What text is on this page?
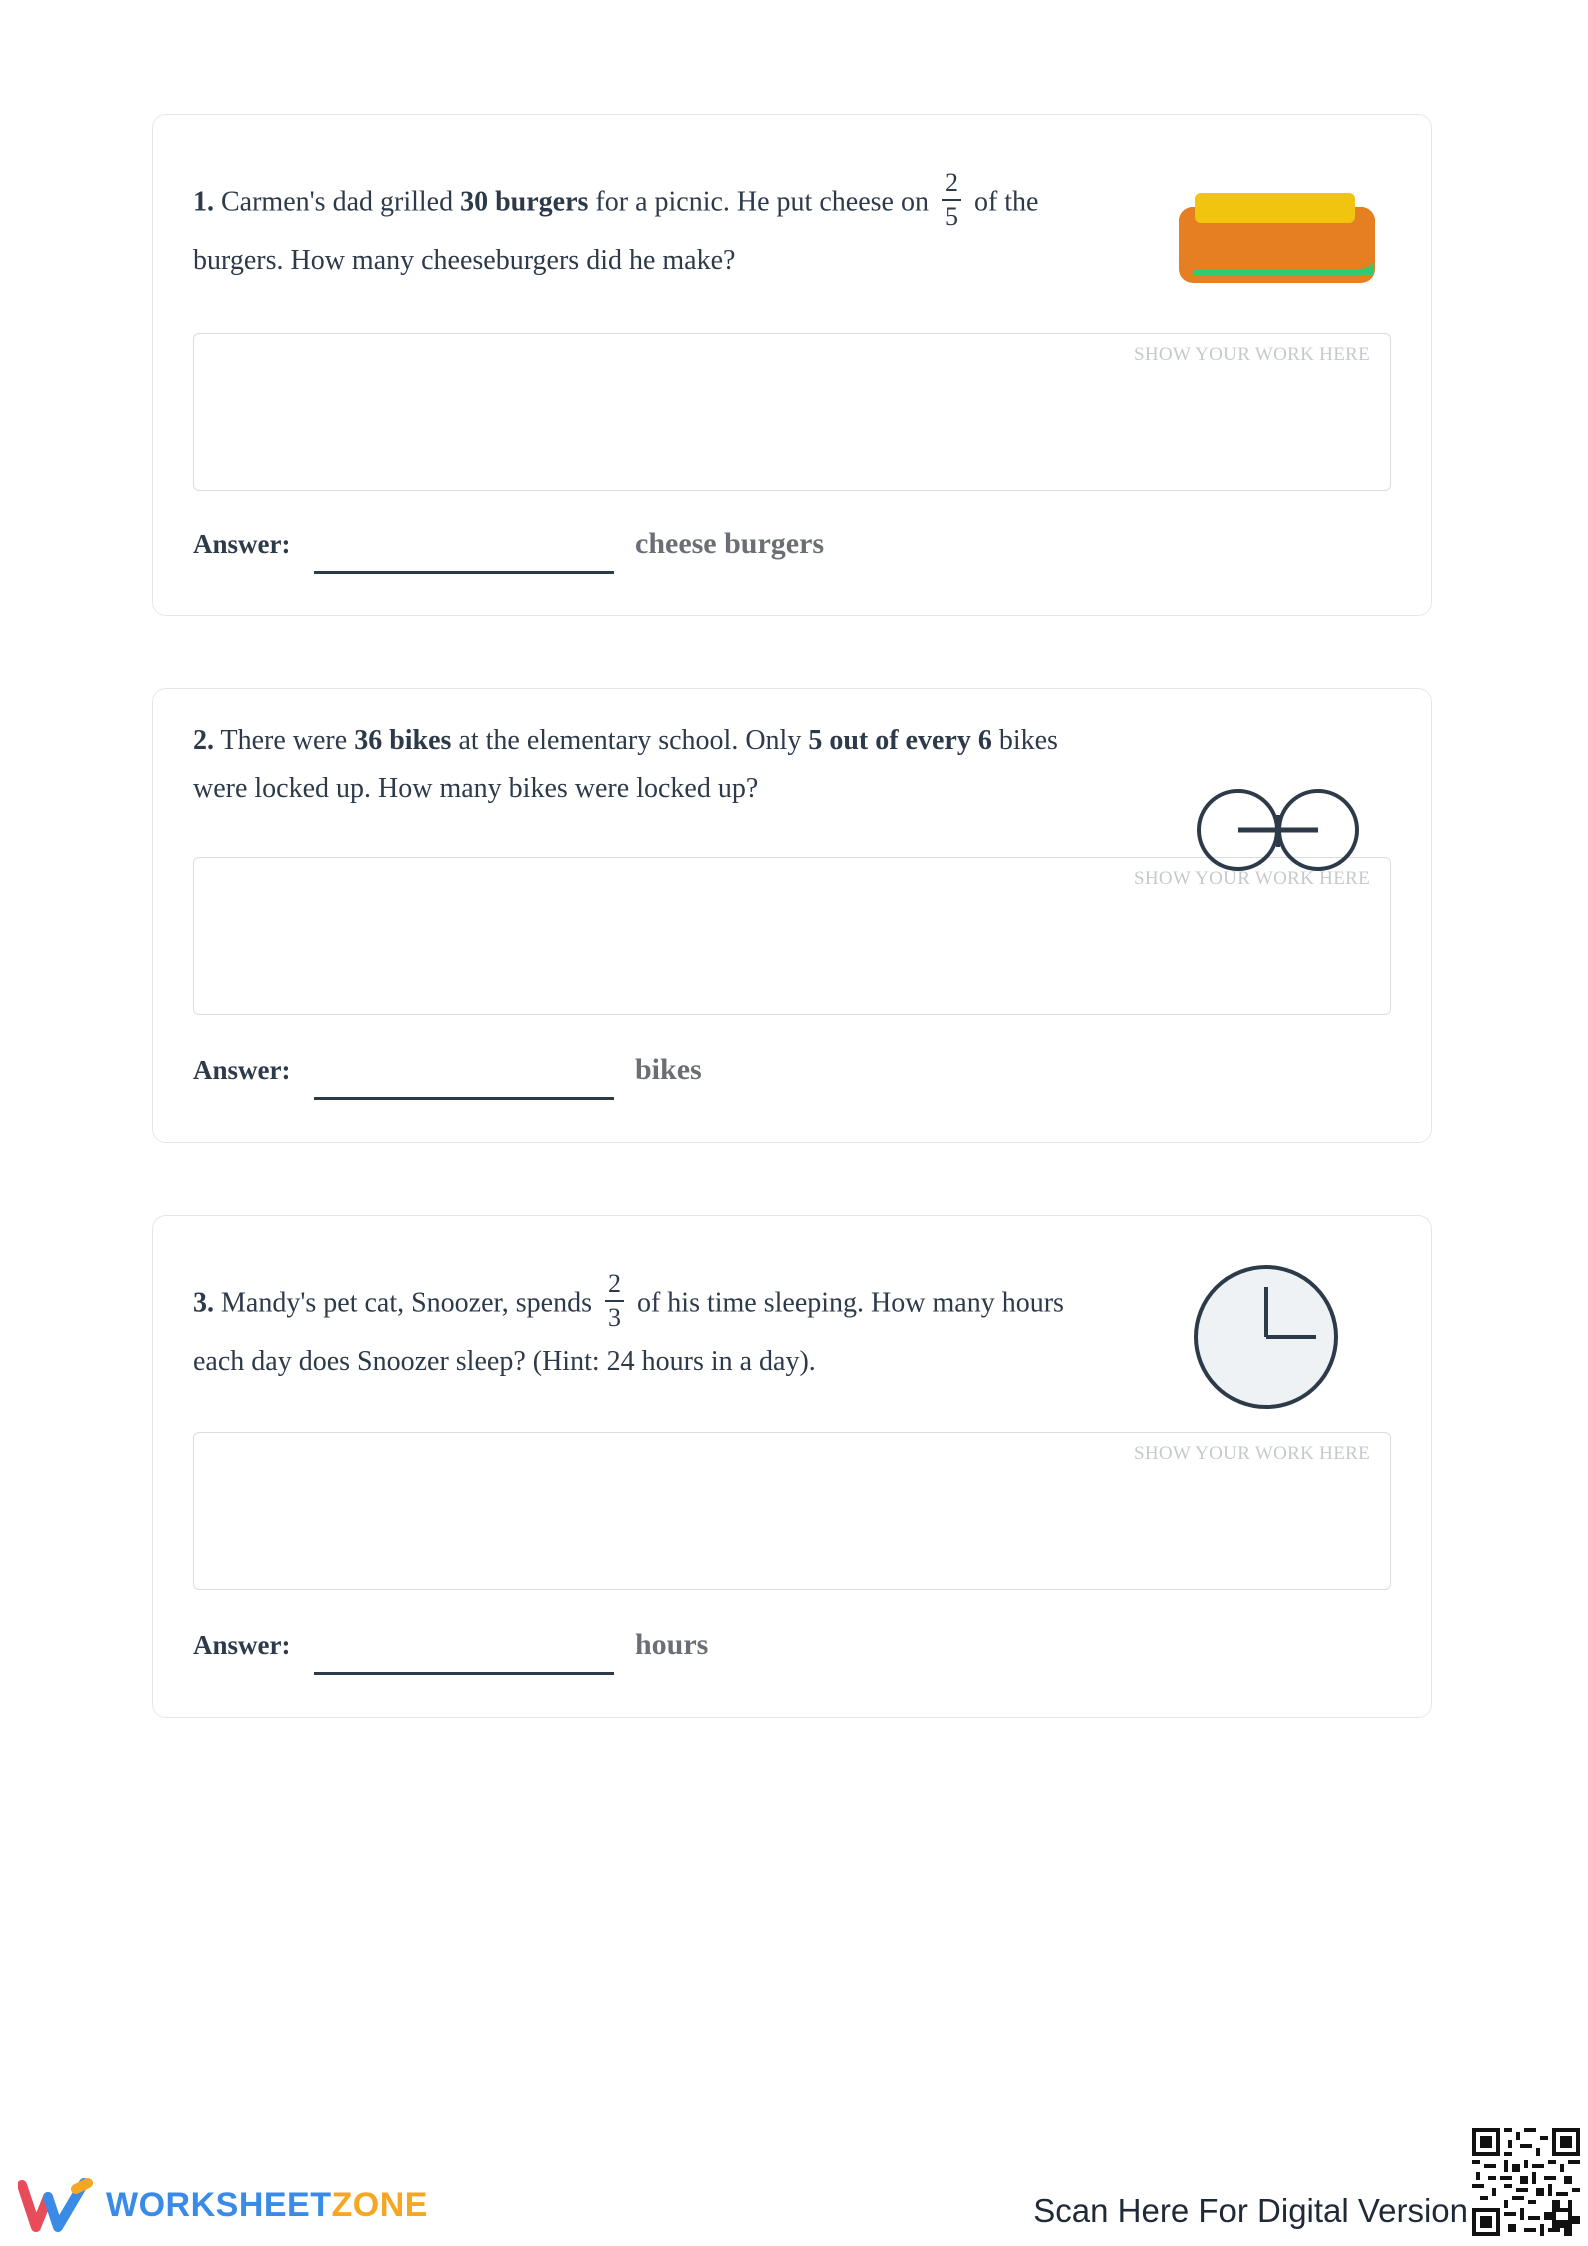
1. Carmen's dad grilled 30 burgers for a picnic. He put cheese on $\frac{2}{5}$ of the burgers. How many cheeseburgers did he make?
SHOW YOUR WORK HERE
Answer:	cheese burgers
2. There were 36 bikes at the elementary school. Only 5 out of every 6 bikes were locked up. How many bikes were locked up?
SHOW YOUR WORK HERE
Answer:	bikes
3. Mandy's pet cat, Snoozer, spends $\frac{2}{3}$ of his time sleeping. How many hours each day does Snoozer sleep? (Hint: 24 hours in a day).
SHOW YOUR WORK HERE
Answer:	hours
WORKSHEETZONE	Scan Here For Digital Version
